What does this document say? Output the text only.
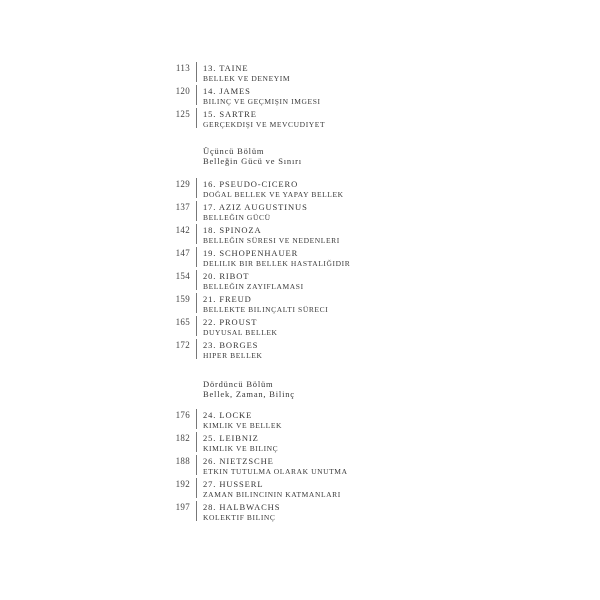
113 13. TAINE
BELLEK VE DENEYIM
120 14. JAMES
BILINÇ VE GEÇMIŞIN IMGESI
125 15. SARTRE
GERÇEKDIŞI VE MEVCUDIYET
Üçüncü Bölüm
Belleğin Gücü ve Sınırı
129 16. PSEUDO-CICERO
DOĞAL BELLEK VE YAPAY BELLEK
137 17. AZIZ AUGUSTINUS
BELLEĞIN GÜCÜ
142 18. SPINOZA
BELLEĞIN SÜRESI VE NEDENLERI
147 19. SCHOPENHAUER
DELILIK BIR BELLEK HASTALIĞIDIR
154 20. RIBOT
BELLEĞIN ZAYIFLAMASI
159 21. FREUD
BELLEKTE BILINÇALTI SÜRECI
165 22. PROUST
DUYUSAL BELLEK
172 23. BORGES
HIPER BELLEK
Dördüncü Bölüm
Bellek, Zaman, Bilinç
176 24. LOCKE
KIMLIK VE BELLEK
182 25. LEIBNIZ
KIMLIK VE BILINÇ
188 26. NIETZSCHE
ETKIN TUTULMA OLARAK UNUTMA
192 27. HUSSERL
ZAMAN BILINCININ KATMANLARI
197 28. HALBWACHS
KOLEKTIF BILINÇ
